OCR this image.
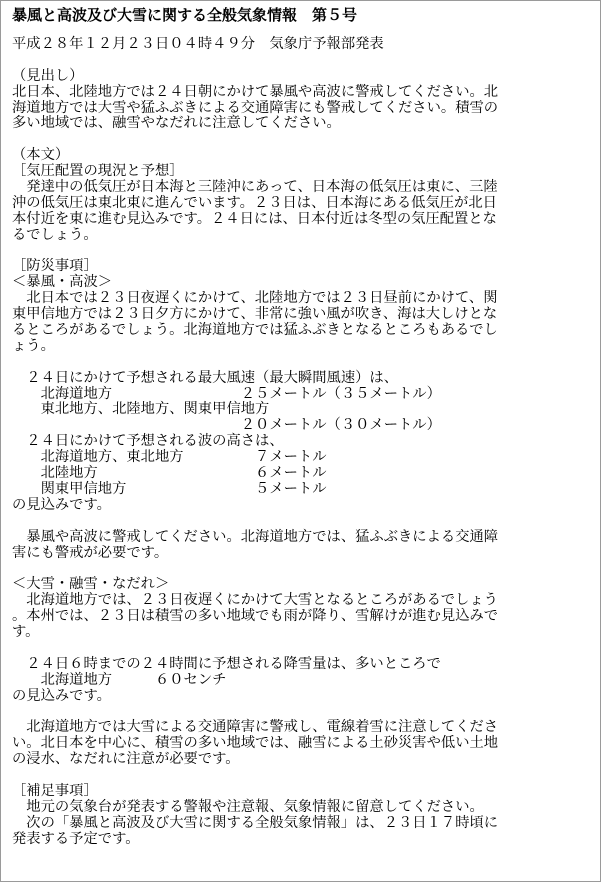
暴風と高波及び大雪に関する全般気象情報　第５号
平成２８年１２月２３日０４時４９分　気象庁予報部発表
（見出し）
北日本、北陸地方では２４日朝にかけて暴風や高波に警戒してください。北
海道地方では大雪や猛ふぶきによる交通障害にも警戒してください。積雪の
多い地域では、融雪やなだれに注意してください。
（本文）
［気圧配置の現況と予想］
　発達中の低気圧が日本海と三陸沖にあって、日本海の低気圧は東に、三陸
沖の低気圧は東北東に進んでいます。２３日は、日本海にある低気圧が北日
本付近を東に進む見込みです。２４日には、日本付近は冬型の気圧配置とな
るでしょう。
［防災事項］
＜暴風・高波＞
　北日本では２３日夜遅くにかけて、北陸地方では２３日昼前にかけて、関
東甲信地方では２３日夕方にかけて、非常に強い風が吹き、海は大しけとな
るところがあるでしょう。北海道地方では猛ふぶきとなるところもあるでし
ょう。
　２４日にかけて予想される最大風速（最大瞬間風速）は、
　　北海道地方　　　　　　　　　２５メートル（３５メートル）
　　東北地方、北陸地方、関東甲信地方
　　　　　　　　　　　　　　　　２０メートル（３０メートル）
　２４日にかけて予想される波の高さは、
　　北海道地方、東北地方　　　　　７メートル
　　北陸地方　　　　　　　　　　　６メートル
　　関東甲信地方　　　　　　　　　５メートル
の見込みです。
　暴風や高波に警戒してください。北海道地方では、猛ふぶきによる交通障
害にも警戒が必要です。
＜大雪・融雪・なだれ＞
　北海道地方では、２３日夜遅くにかけて大雪となるところがあるでしょう
。本州では、２３日は積雪の多い地域でも雨が降り、雪解けが進む見込みで
す。
　２４日６時までの２４時間に予想される降雪量は、多いところで
　　北海道地方　　　６０センチ
の見込みです。
　北海道地方では大雪による交通障害に警戒し、電線着雪に注意してくださ
い。北日本を中心に、積雪の多い地域では、融雪による土砂災害や低い土地
の浸水、なだれに注意が必要です。
［補足事項］
　地元の気象台が発表する警報や注意報、気象情報に留意してください。
　次の「暴風と高波及び大雪に関する全般気象情報」は、２３日１７時頃に
発表する予定です。
